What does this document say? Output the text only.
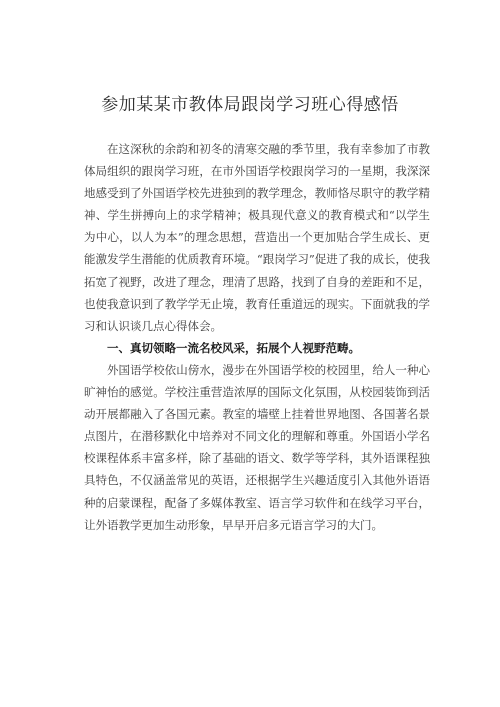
参加某某市教体局跟岗学习班心得感悟

在这深秋的余韵和初冬的清寒交融的季节里，我有幸参加了市教体局组织的跟岗学习班，在市外国语学校跟岗学习的一星期，我深深地感受到了外国语学校先进独到的教学理念，教师恪尽职守的教学精神、学生拼搏向上的求学精神；极具现代意义的教育模式和“以学生为中心，以人为本”的理念思想，营造出一个更加贴合学生成长、更能激发学生潜能的优质教育环境。“跟岗学习”促进了我的成长，使我拓宽了视野，改进了理念，理清了思路，找到了自身的差距和不足，也使我意识到了教学学无止境，教育任重道远的现实。下面就我的学习和认识谈几点心得体会。

一、真切领略一流名校风采，拓展个人视野范畴。

外国语学校依山傍水，漫步在外国语学校的校园里，给人一种心旷神怡的感觉。学校注重营造浓厚的国际文化氛围，从校园装饰到活动开展都融入了各国元素。教室的墙壁上挂着世界地图、各国著名景点图片，在潜移默化中培养对不同文化的理解和尊重。外国语小学名校课程体系丰富多样，除了基础的语文、数学等学科，其外语课程独具特色，不仅涵盖常见的英语，还根据学生兴趣适度引入其他外语语种的启蒙课程，配备了多媒体教室、语言学习软件和在线学习平台，让外语教学更加生动形象，早早开启多元语言学习的大门。
